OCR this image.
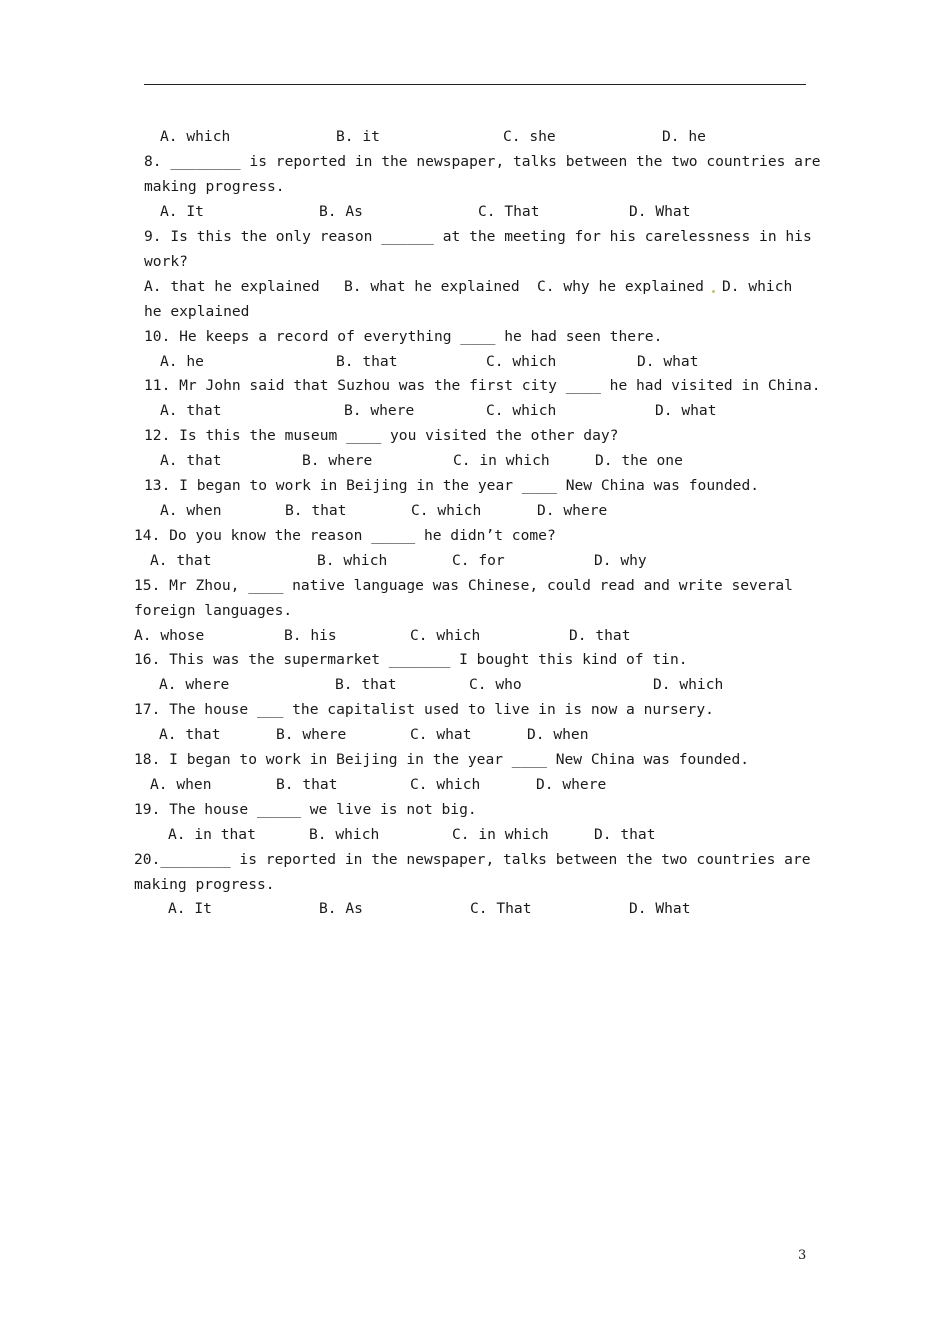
A. which	B. it	C. she	D. he
8. ________ is reported in the newspaper, talks between the two countries are
making progress.
A. It	B. As	C. That	D. What
9. Is this the only reason ______ at the meeting for his carelessness in his
work?
A. that he explained B. what he explained C. why he explained D. which
he explained
10. He keeps a record of everything ____ he had seen there.
A. he	B. that	C. which	D. what
11. Mr John said that Suzhou was the first city ____ he had visited in China.
A. that	B. where	C. which	D. what
12. Is this the museum ____ you visited the other day?
A. that	B. where	C. in which	D. the one
13. I began to work in Beijing in the year ____ New China was founded.
A. when	B. that	C. which	D. where
14. Do you know the reason _____ he didn’t come?
A. that	B. which	C. for	D. why
15. Mr Zhou, ____ native language was Chinese, could read and write several
foreign languages.
A. whose	B. his	C. which	D. that
16. This was the supermarket _______ I bought this kind of tin.
A. where	B. that	C. who	D. which
17. The house ___ the capitalist used to live in is now a nursery.
A. that	B. where	C. what	D. when
18. I began to work in Beijing in the year ____ New China was founded.
A. when	B. that	C. which	D. where
19. The house _____ we live is not big.
A. in that	B. which	C. in which	D. that
20.________ is reported in the newspaper, talks between the two countries are
making progress.
A. It	B. As	C. That	D. What
3
